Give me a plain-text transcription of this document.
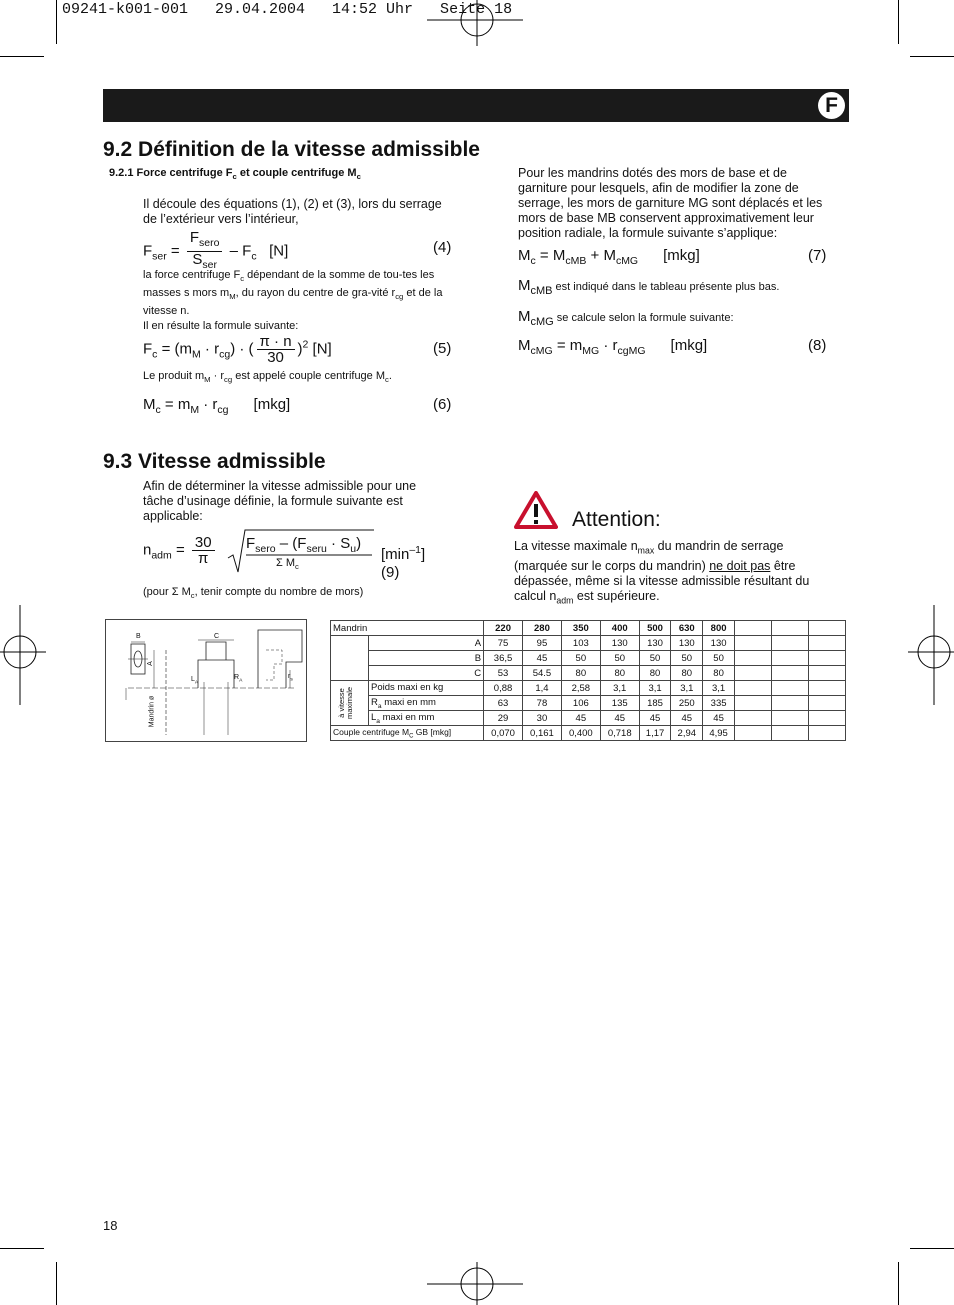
09241-k001-001   29.04.2004   14:52 Uhr   Seite 18
F
9.2 Définition de la vitesse admissible
9.2.1 Force centrifuge $F_c$ et couple centrifuge $M_c$
Il découle des équations (1), (2) et (3), lors du serrage de l’extérieur vers l’intérieur,
$F_{ser} = \frac{F_{sero}}{S_{ser}} - F_c$ [N]	(4)
la force centrifuge $F_c$ dépendant de la somme de tou-tes les masses s mors $m_M$, du rayon du centre de gra-vité $r_{cg}$ et de la vitesse n.
Il en résulte la formule suivante:
$F_c = (m_M \cdot r_{cg})$ · ( $\frac{\pi \cdot n}{30} )^2$ [N]	(5)
Le produit $m_M \cdot r_{cg}$ est appelé couple centrifuge $M_c$.
$M_c = m_M \cdot r_{cg}$ [mkg]	(6)
Pour les mandrins dotés des mors de base et de garniture pour lesquels, afin de modifier la zone de serrage, les mors de garniture MG sont déplacés et les mors de base MB conservent approximativement leur position radiale, la formule suivante s’applique:
$M_c = M_{cMB} + M_{cMG}$ [mkg]	(7)
$M_{cMB}$ est indiqué dans le tableau présente plus bas.
$M_{cMG}$ se calcule selon la formule suivante:
$M_{cMG} = m_{MG} \cdot r_{cgMG}$ [mkg]	(8)
9.3 Vitesse admissible
Afin de déterminer la vitesse admissible pour une tâche d’usinage définie, la formule suivante est applicable:
$n_{adm} = \frac{30}{\pi} F_{sero} - (F_{seru} \cdot S_u)$
Σ $M_c$
$[\min^{-1}]$
(9)
(pour Σ $M_c$, tenir compte du nombre de mors)
Attention:
La vitesse maximale $n_{max}$ du mandrin de serrage (marquée sur le corps du mandrin) ne doit pas être dépassée, même si la vitesse admissible résultant du calcul $n_{adm}$ est supérieure.
B	C
A
$L_A$
$R_A$
$r_s$
Mandrin ø
Mandrin		220	280	350	400	500	630	800			
	A	75	95	103	130	130	130	130			
	B	36,5	45	50	50	50	50	50			
	C	53	54.5	80	80	80	80	80			

à vitesse maximale	Poids maxi en kg	0,88	1,4	2,58	3,1	3,1	3,1	3,1			
	$R_a$ maxi en mm	63	78	106	135	185	250	335			
	$L_a$ maxi en mm	29	30	45	45	45	45	45			
Couple centrifuge $M_C$ GB [mkg]		0,070	0,161	0,400	0,718	1,17	2,94	4,95			
18
